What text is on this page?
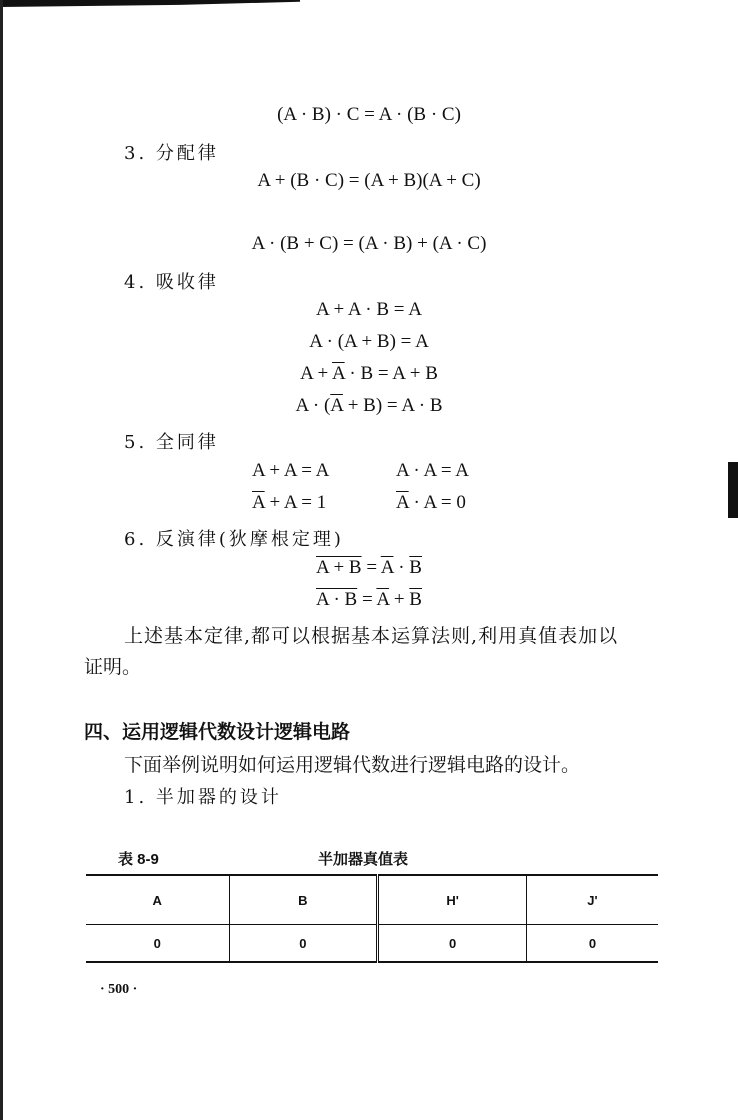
(A · B) · C = A · (B · C)
3. 分配律
A + (B · C) = (A + B)(A + C)
A · (B + C) = (A · B) + (A · C)
4. 吸收律
A + A · B = A
A · (A + B) = A
$A + \overline{A} \cdot B = A + B$
$A \cdot (\overline{A} + B) = A \cdot B$
5. 全同律
A + A = A	A · A = A
$\overline{A} + A = 1$	$\overline{A} \cdot A = 0$
6. 反演律(狄摩根定理)
$A + B = \overline{A} \cdot \overline{B}$
$A \cdot B = \overline{A} + \overline{B}$
上述基本定律,都可以根据基本运算法则,利用真值表加以
证明。
四、运用逻辑代数设计逻辑电路
下面举例说明如何运用逻辑代数进行逻辑电路的设计。
1. 半加器的设计
表 8-9	半加器真值表
A	B	H'	J'
0	0	0	0
· 500 ·
